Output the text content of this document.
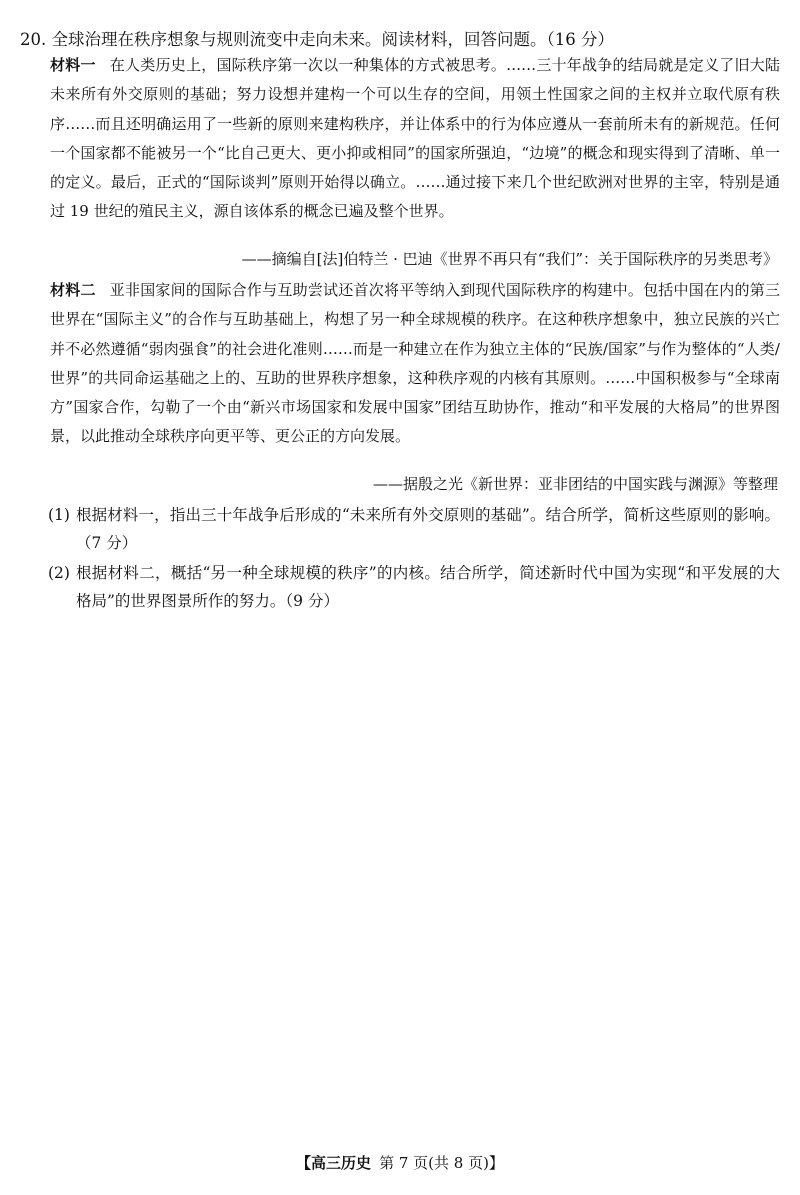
20. 全球治理在秩序想象与规则流变中走向未来。阅读材料，回答问题。（16 分）
材料一 在人类历史上，国际秩序第一次以一种集体的方式被思考。……三十年战争的结局就是定义了旧大陆未来所有外交原则的基础；努力设想并建构一个可以生存的空间，用领土性国家之间的主权并立取代原有秩序……而且还明确运用了一些新的原则来建构秩序，并让体系中的行为体应遵从一套前所未有的新规范。任何一个国家都不能被另一个“比自己更大、更小抑或相同”的国家所强迫，“边境”的概念和现实得到了清晰、单一的定义。最后，正式的“国际谈判”原则开始得以确立。……通过接下来几个世纪欧洲对世界的主宰，特别是通过 19 世纪的殖民主义，源自该体系的概念已遍及整个世界。
——摘编自[法]伯特兰 · 巴迪《世界不再只有“我们”：关于国际秩序的另类思考》
材料二 亚非国家间的国际合作与互助尝试还首次将平等纳入到现代国际秩序的构建中。包括中国在内的第三世界在“国际主义”的合作与互助基础上，构想了另一种全球规模的秩序。在这种秩序想象中，独立民族的兴亡并不必然遵循“弱肉强食”的社会进化准则……而是一种建立在作为独立主体的“民族/国家”与作为整体的“人类/世界”的共同命运基础之上的、互助的世界秩序想象，这种秩序观的内核有其原则。……中国积极参与“全球南方”国家合作，勾勒了一个由“新兴市场国家和发展中国家”团结互助协作，推动“和平发展的大格局”的世界图景，以此推动全球秩序向更平等、更公正的方向发展。
——据殷之光《新世界：亚非团结的中国实践与渊源》等整理
(1) 根据材料一，指出三十年战争后形成的“未来所有外交原则的基础”。结合所学，简析这些原则的影响。（7 分）
(2) 根据材料二，概括“另一种全球规模的秩序”的内核。结合所学，简述新时代中国为实现“和平发展的大格局”的世界图景所作的努力。（9 分）
【高三历史 第 7 页(共 8 页)】
